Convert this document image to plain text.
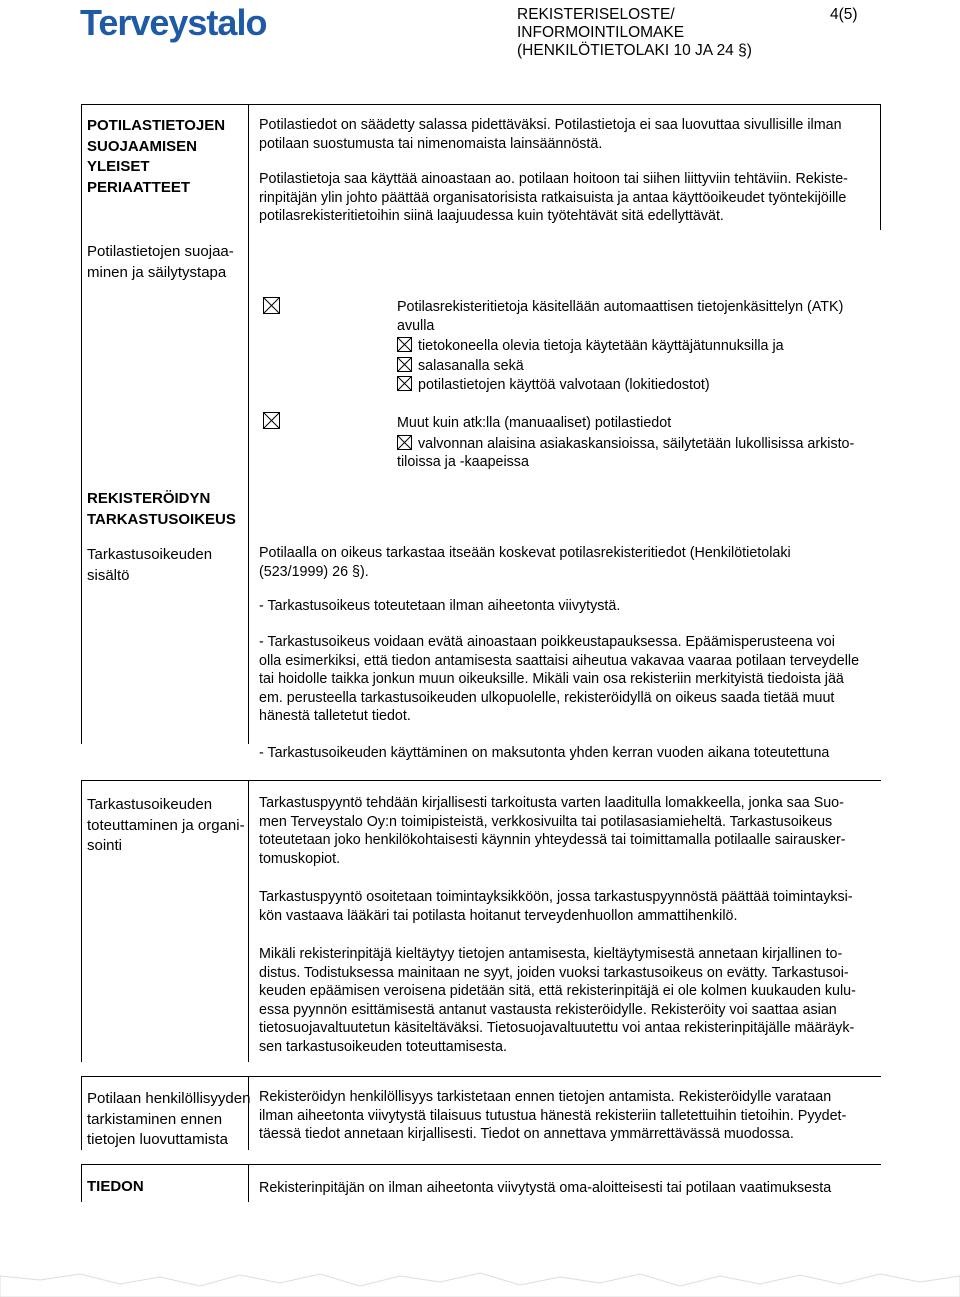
Terveystalo	REKISTERISELOSTE/
INFORMOINTILOMAKE
(HENKILÖTIETOLAKI 10 JA 24 §)
4(5)
POTILASTIETOJEN
SUOJAAMISEN
YLEISET
PERIAATTEET
Potilastiedot on säädetty salassa pidettäväksi. Potilastietoja ei saa luovuttaa sivullisille ilman
potilaan suostumusta tai nimenomaista lainsäännöstä.
Potilastietoja saa käyttää ainoastaan ao. potilaan hoitoon tai siihen liittyviin tehtäviin. Rekiste-
rinpitäjän ylin johto päättää organisatorisista ratkaisuista ja antaa käyttöoikeudet työntekijöille
potilasrekisteritietoihin siinä laajuudessa kuin työtehtävät sitä edellyttävät.
Potilastietojen suojaa-
minen ja säilytystapa
Potilasrekisteritietoja käsitellään automaattisen tietojenkäsittelyn (ATK)
avulla
tietokoneella olevia tietoja käytetään käyttäjätunnuksilla ja
salasanalla sekä
potilastietojen käyttöä valvotaan (lokitiedostot)
Muut kuin atk:lla (manuaaliset) potilastiedot
valvonnan alaisina asiakaskansioissa, säilytetään lukollisissa arkisto-
tiloissa ja -kaapeissa
REKISTERÖIDYN
TARKASTUSOIKEUS
Tarkastusoikeuden
sisältö
Potilaalla on oikeus tarkastaa itseään koskevat potilasrekisteritiedot (Henkilötietolaki
(523/1999) 26 §).
- Tarkastusoikeus toteutetaan ilman aiheetonta viivytystä.
- Tarkastusoikeus voidaan evätä ainoastaan poikkeustapauksessa. Epäämisperusteena voi
olla esimerkiksi, että tiedon antamisesta saattaisi aiheutua vakavaa vaaraa potilaan terveydelle
tai hoidolle taikka jonkun muun oikeuksille. Mikäli vain osa rekisteriin merkityistä tiedoista jää
em. perusteella tarkastusoikeuden ulkopuolelle, rekisteröidyllä on oikeus saada tietää muut
hänestä talletetut tiedot.
- Tarkastusoikeuden käyttäminen on maksutonta yhden kerran vuoden aikana toteutettuna
Tarkastusoikeuden
toteuttaminen ja organi-
sointi
Tarkastuspyyntö tehdään kirjallisesti tarkoitusta varten laaditulla lomakkeella, jonka saa Suo-
men Terveystalo Oy:n toimipisteistä, verkkosivuilta tai potilasasiamieheltä. Tarkastusoikeus
toteutetaan joko henkilökohtaisesti käynnin yhteydessä tai toimittamalla potilaalle sairausker-
tomuskopiot.
Tarkastuspyyntö osoitetaan toimintayksikköön, jossa tarkastuspyynnöstä päättää toimintayksi-
kön vastaava lääkäri tai potilasta hoitanut terveydenhuollon ammattihenkilö.
Mikäli rekisterinpitäjä kieltäytyy tietojen antamisesta, kieltäytymisestä annetaan kirjallinen to-
distus. Todistuksessa mainitaan ne syyt, joiden vuoksi tarkastusoikeus on evätty. Tarkastusoi-
keuden epäämisen veroisena pidetään sitä, että rekisterinpitäjä ei ole kolmen kuukauden kulu-
essa pyynnön esittämisestä antanut vastausta rekisteröidylle. Rekisteröity voi saattaa asian
tietosuojavaltuutetun käsiteltäväksi. Tietosuojavaltuutettu voi antaa rekisterinpitäjälle määräyk-
sen tarkastusoikeuden toteuttamisesta.
Potilaan henkilöllisyyden
tarkistaminen ennen
tietojen luovuttamista
Rekisteröidyn henkilöllisyys tarkistetaan ennen tietojen antamista. Rekisteröidylle varataan
ilman aiheetonta viivytystä tilaisuus tutustua hänestä rekisteriin talletettuihin tietoihin. Pyydet-
täessä tiedot annetaan kirjallisesti. Tiedot on annettava ymmärrettävässä muodossa.
TIEDON	Rekisterinpitäjän on ilman aiheetonta viivytystä oma-aloitteisesti tai potilaan vaatimuksesta
